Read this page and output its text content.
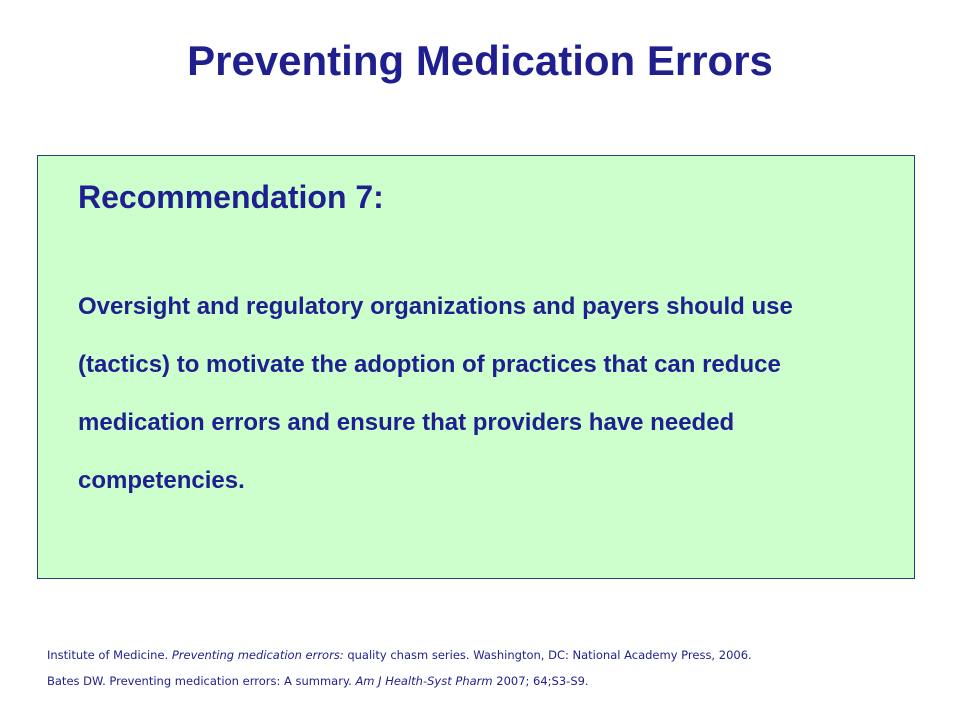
Preventing Medication Errors
Recommendation 7:

Oversight and regulatory organizations and payers should use (tactics) to motivate the adoption of practices that can reduce medication errors and ensure that providers have needed competencies.

Institute of Medicine. Preventing medication errors: quality chasm series. Washington, DC: National Academy Press, 2006.

Bates DW. Preventing medication errors: A summary. Am J Health-Syst Pharm 2007; 64;S3-S9.
